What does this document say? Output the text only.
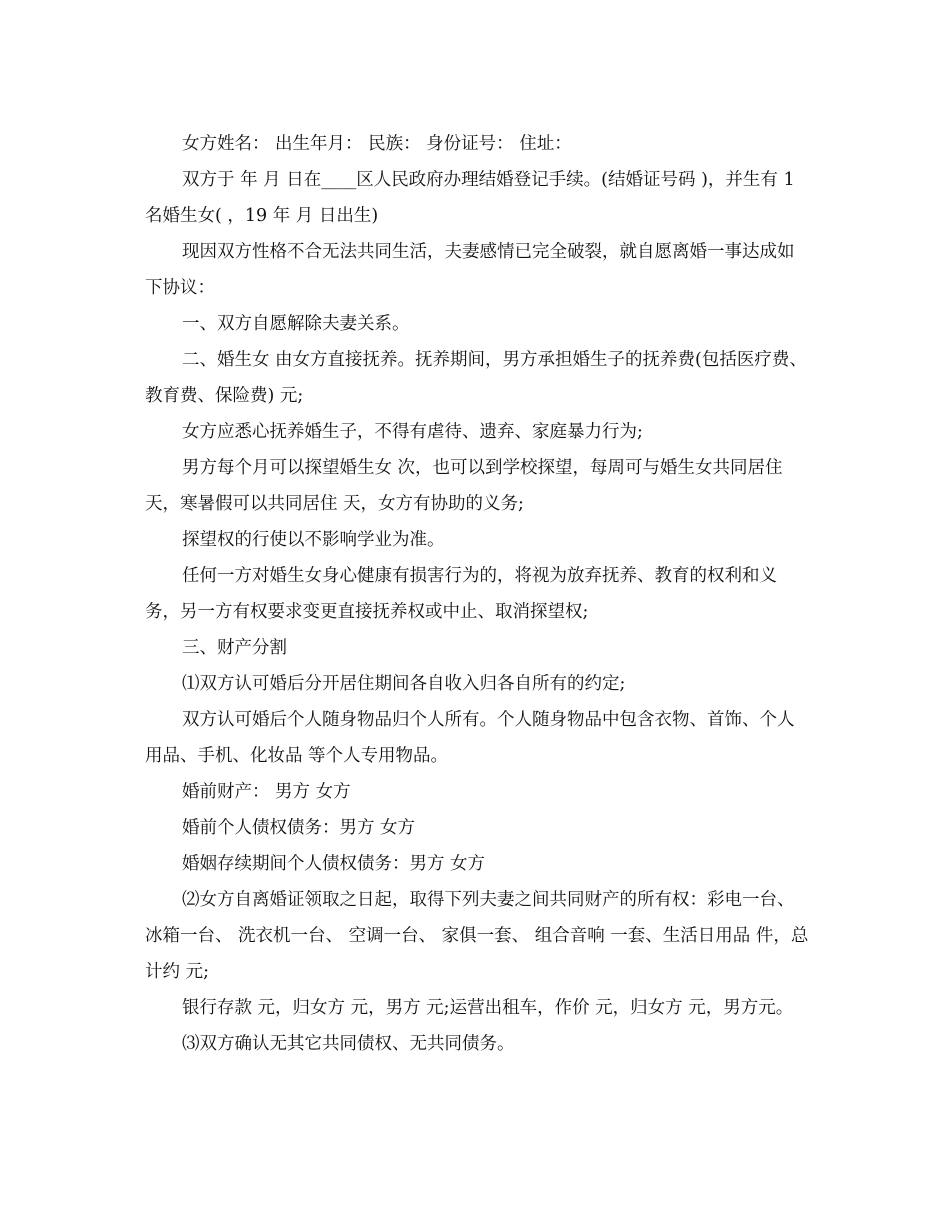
女方姓名： 出生年月： 民族： 身份证号： 住址：

双方于 年 月 日在____区人民政府办理结婚登记手续。(结婚证号码 )，并生有 1 名婚生女( ，19 年 月 日出生)

现因双方性格不合无法共同生活，夫妻感情已完全破裂，就自愿离婚一事达成如下协议：

一、双方自愿解除夫妻关系。

二、婚生女 由女方直接抚养。抚养期间，男方承担婚生子的抚养费(包括医疗费、教育费、保险费) 元;

女方应悉心抚养婚生子，不得有虐待、遗弃、家庭暴力行为;

男方每个月可以探望婚生女 次，也可以到学校探望，每周可与婚生女共同居住 天，寒暑假可以共同居住 天，女方有协助的义务;

探望权的行使以不影响学业为准。

任何一方对婚生女身心健康有损害行为的，将视为放弃抚养、教育的权利和义务，另一方有权要求变更直接抚养权或中止、取消探望权;

三、财产分割

⑴双方认可婚后分开居住期间各自收入归各自所有的约定;

双方认可婚后个人随身物品归个人所有。个人随身物品中包含衣物、首饰、个人用品、手机、化妆品 等个人专用物品。

婚前财产： 男方 女方

婚前个人债权债务：男方 女方

婚姻存续期间个人债权债务：男方 女方

⑵女方自离婚证领取之日起，取得下列夫妻之间共同财产的所有权：彩电一台、 冰箱一台、 洗衣机一台、 空调一台、 家俱一套、 组合音响 一套、生活日用品 件，总计约 元;

银行存款 元，归女方 元，男方 元;运营出租车，作价 元，归女方 元，男方元。

⑶双方确认无其它共同债权、无共同债务。
